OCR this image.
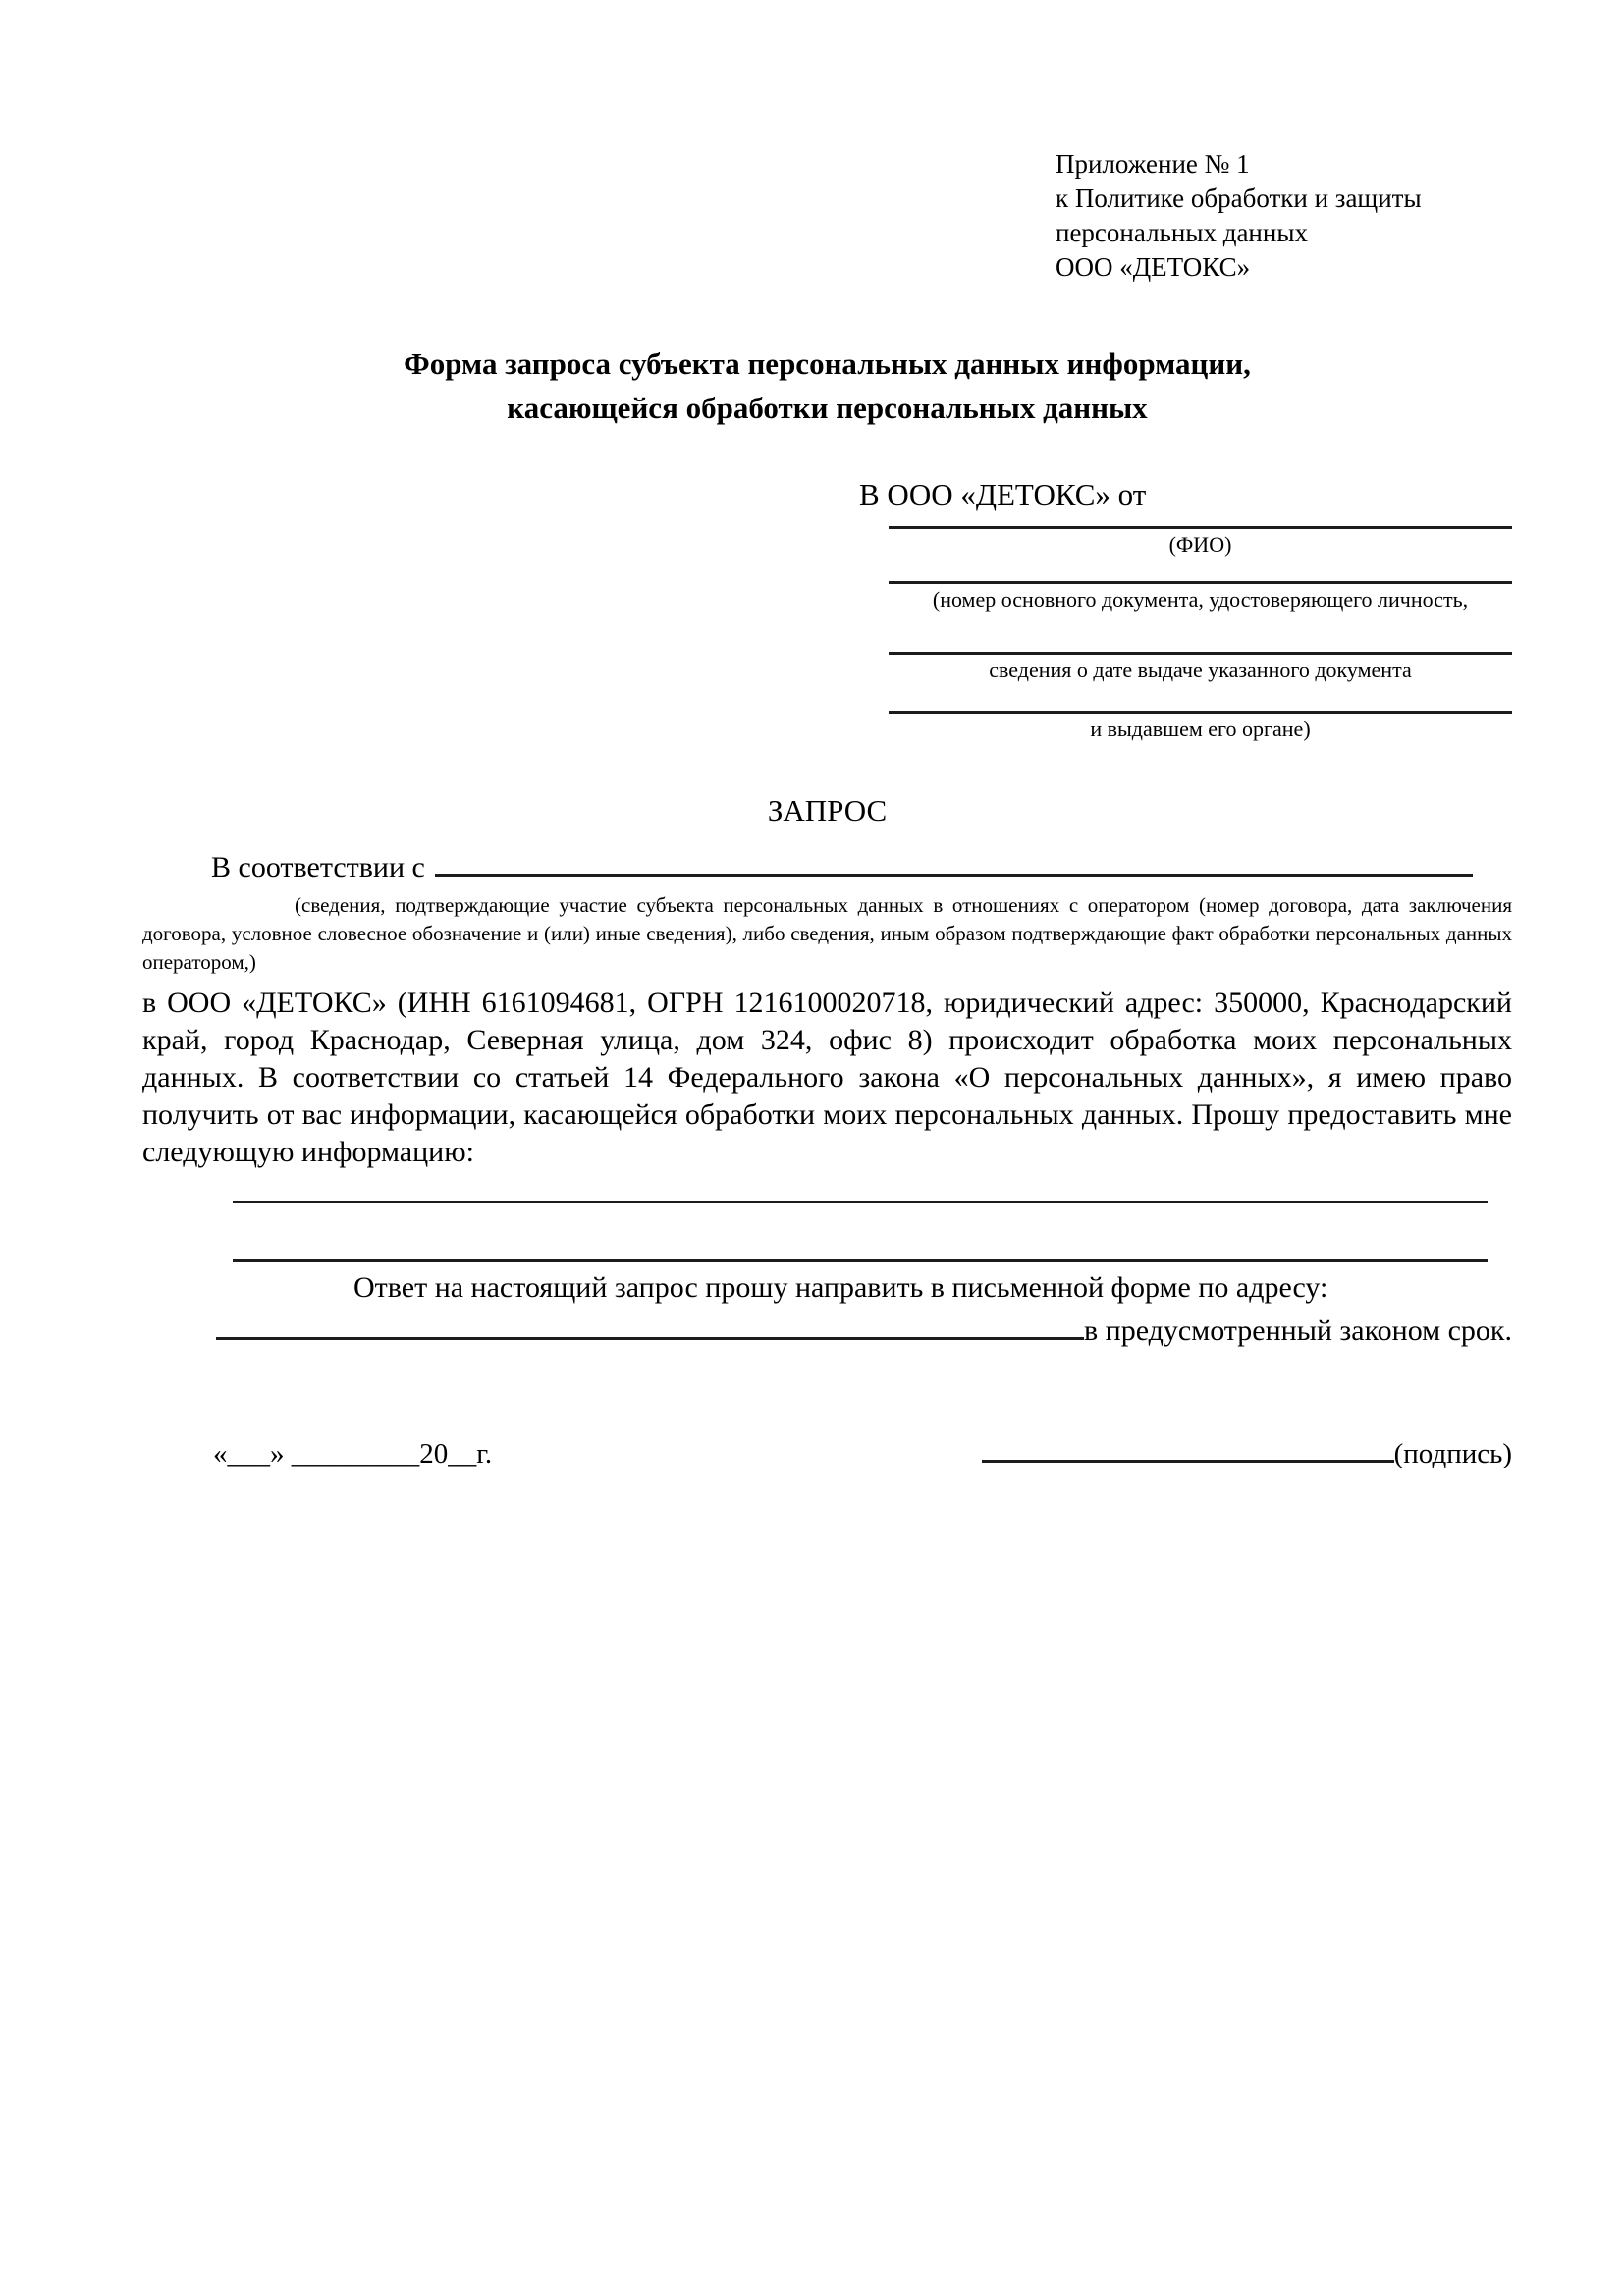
Приложение № 1
к Политике обработки и защиты
персональных данных
ООО «ДЕТОКС»
Форма запроса субъекта персональных данных информации,
касающейся обработки персональных данных
В ООО «ДЕТОКС» от
(ФИО)
(номер основного документа, удостоверяющего личность,
сведения о дате выдаче указанного документа
и выдавшем его органе)
ЗАПРОС
В соответствии с
(сведения, подтверждающие участие субъекта персональных данных в отношениях с оператором (номер договора, дата заключения договора, условное словесное обозначение и (или) иные сведения), либо сведения, иным образом подтверждающие факт обработки персональных данных оператором,)
в ООО «ДЕТОКС» (ИНН 6161094681, ОГРН 1216100020718, юридический адрес: 350000, Краснодарский край, город Краснодар, Северная улица, дом 324, офис 8) происходит обработка моих персональных данных. В соответствии со статьей 14 Федерального закона «О персональных данных», я имею право получить от вас информации, касающейся обработки моих персональных данных. Прошу предоставить мне следующую информацию:
Ответ на настоящий запрос прошу направить в письменной форме по адресу:
в предусмотренный законом срок.
«___» _________20__г.	(подпись)
